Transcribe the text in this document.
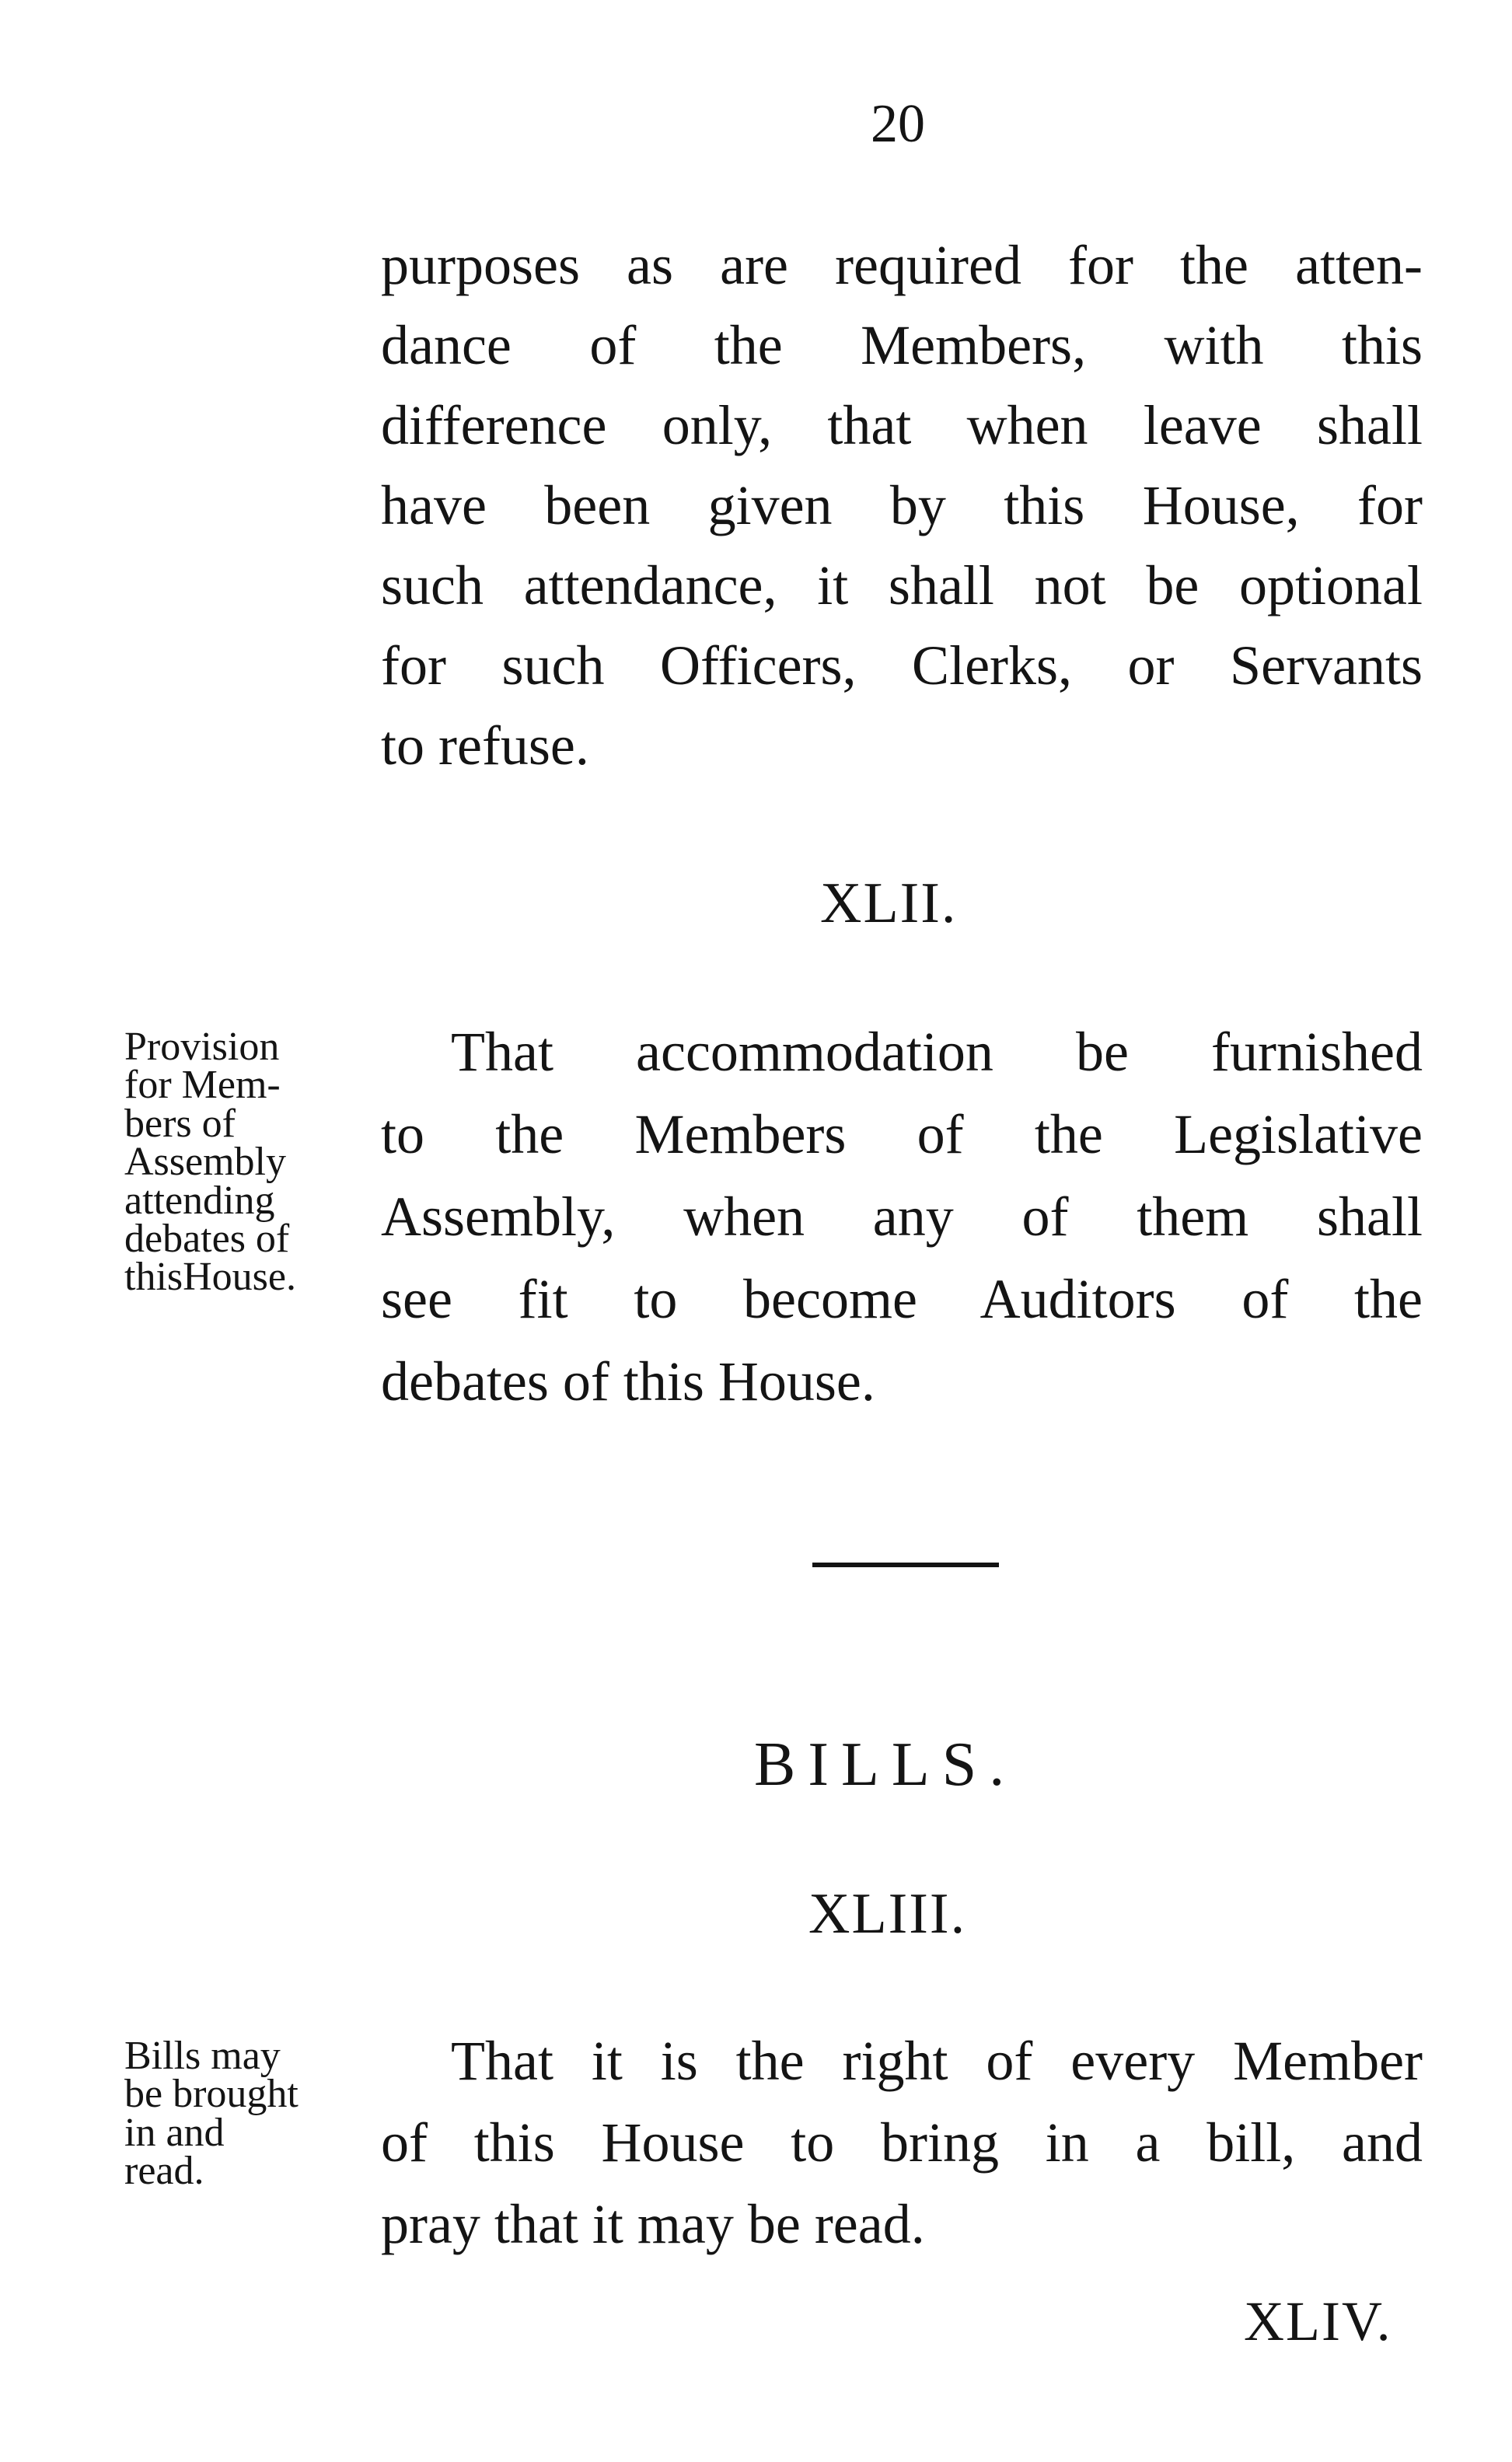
20
purposes as are required for the atten-
dance of the Members, with this
difference only, that when leave shall
have been given by this House, for
such attendance, it shall not be optional
for such Officers, Clerks, or Servants
to refuse.
XLII.
Provision
for Mem-
bers of
Assembly
attending
debates of
thisHouse.
That accommodation be furnished
to the Members of the Legislative
Assembly, when any of them shall
see fit to become Auditors of the
debates of this House.
BILLS.
XLIII.
Bills may
be brought
in and
read.
That it is the right of every Member
of this House to bring in a bill, and
pray that it may be read.
XLIV.
